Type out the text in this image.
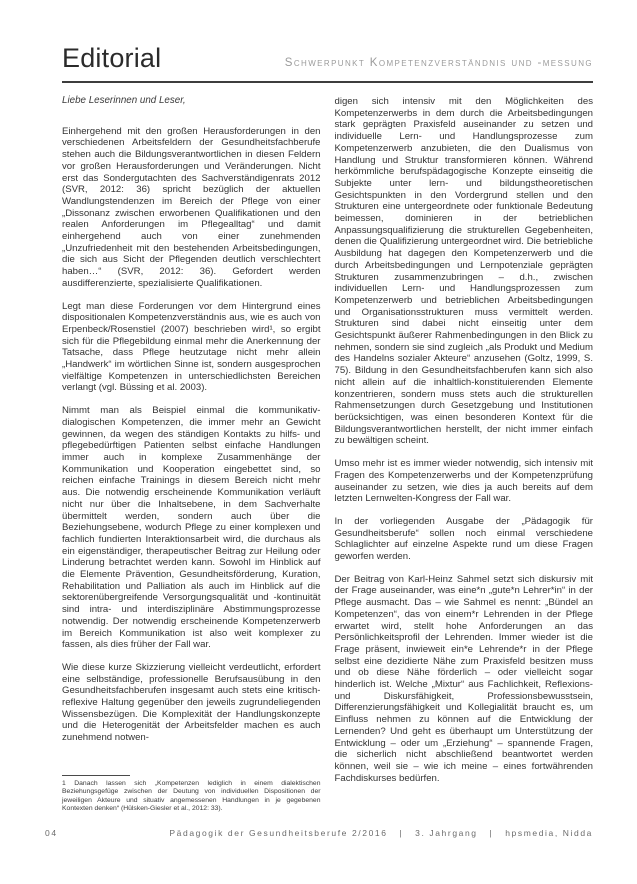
Editorial	Schwerpunkt Kompetenzverständnis und -messung

Liebe Leserinnen und Leser,

Einhergehend mit den großen Herausforderungen in den verschiedenen Arbeitsfeldern der Gesundheitsfachberufe stehen auch die Bildungsverantwortlichen in diesen Feldern vor großen Herausforderungen und Veränderungen. Nicht erst das Sondergutachten des Sachverständigenrats 2012 (SVR, 2012: 36) spricht bezüglich der aktuellen Wandlungstendenzen im Bereich der Pflege von einer „Dissonanz zwischen erworbenen Qualifikationen und den realen Anforderungen im Pflegealltag“ und damit einhergehend auch von einer zunehmenden „Unzufriedenheit mit den bestehenden Arbeitsbedingungen, die sich aus Sicht der Pflegenden deutlich verschlechtert haben…“ (SVR, 2012: 36). Gefordert werden ausdifferenzierte, spezialisierte Qualifikationen.

Legt man diese Forderungen vor dem Hintergrund eines dispositionalen Kompetenzverständnis aus, wie es auch von Erpenbeck/Rosenstiel (2007) beschrieben wird¹, so ergibt sich für die Pflegebildung einmal mehr die Anerkennung der Tatsache, dass Pflege heutzutage nicht mehr allein „Handwerk“ im wörtlichen Sinne ist, sondern ausgesprochen vielfältige Kompetenzen in unterschiedlichsten Bereichen verlangt (vgl. Büssing et al. 2003).

Nimmt man als Beispiel einmal die kommunikativ-dialogischen Kompetenzen, die immer mehr an Gewicht gewinnen, da wegen des ständigen Kontakts zu hilfs- und pflegebedürftigen Patienten selbst einfache Handlungen immer auch in komplexe Zusammenhänge der Kommunikation und Kooperation eingebettet sind, so reichen einfache Trainings in diesem Bereich nicht mehr aus. Die notwendig erscheinende Kommunikation verläuft nicht nur über die Inhaltsebene, in dem Sachverhalte übermittelt werden, sondern auch über die Beziehungsebene, wodurch Pflege zu einer komplexen und fachlich fundierten Interaktionsarbeit wird, die durchaus als ein eigenständiger, therapeutischer Beitrag zur Heilung oder Linderung betrachtet werden kann. Sowohl im Hinblick auf die Elemente Prävention, Gesundheitsförderung, Kuration, Rehabilitation und Palliation als auch im Hinblick auf die sektorenübergreifende Versorgungsqualität und -kontinuität sind intra- und interdisziplinäre Abstimmungsprozesse notwendig. Der notwendig erscheinende Kompetenzerwerb im Bereich Kommunikation ist also weit komplexer zu fassen, als dies früher der Fall war.

Wie diese kurze Skizzierung vielleicht verdeutlicht, erfordert eine selbständige, professionelle Berufsausübung in den Gesundheitsfachberufen insgesamt auch stets eine kritisch-reflexive Haltung gegenüber den jeweils zugrundeliegenden Wissensbezügen. Die Komplexität der Handlungskonzepte und die Heterogenität der Arbeitsfelder machen es auch zunehmend notwen-

1 Danach lassen sich „Kompetenzen lediglich in einem dialektischen Beziehungsgefüge zwischen der Deutung von individuellen Dispositionen der jeweiligen Akteure und situativ angemessenen Handlungen in je gegebenen Kontexten denken“ (Hülsken-Giesler et al., 2012: 33).

digen sich intensiv mit den Möglichkeiten des Kompetenzerwerbs in dem durch die Arbeitsbedingungen stark geprägten Praxisfeld auseinander zu setzen und individuelle Lern- und Handlungsprozesse zum Kompetenzerwerb anzubieten, die den Dualismus von Handlung und Struktur transformieren können. Während herkömmliche berufspädagogische Konzepte einseitig die Subjekte unter lern- und bildungstheoretischen Gesichtspunkten in den Vordergrund stellen und den Strukturen eine untergeordnete oder funktionale Bedeutung beimessen, dominieren in der betrieblichen Anpassungsqualifizierung die strukturellen Gegebenheiten, denen die Qualifizierung untergeordnet wird. Die betriebliche Ausbildung hat dagegen den Kompetenzerwerb und die durch Arbeitsbedingungen und Lernpotenziale geprägten Strukturen zusammenzubringen – d.h., zwischen individuellen Lern- und Handlungsprozessen zum Kompetenzerwerb und betrieblichen Arbeitsbedingungen und Organisationsstrukturen muss vermittelt werden. Strukturen sind dabei nicht einseitig unter dem Gesichtspunkt äußerer Rahmenbedingungen in den Blick zu nehmen, sondern sie sind zugleich „als Produkt und Medium des Handelns sozialer Akteure“ anzusehen (Goltz, 1999, S. 75). Bildung in den Gesundheitsfachberufen kann sich also nicht allein auf die inhaltlich-konstituierenden Elemente konzentrieren, sondern muss stets auch die strukturellen Rahmensetzungen durch Gesetzgebung und Institutionen berücksichtigen, was einen besonderen Kontext für die Bildungsverantwortlichen herstellt, der nicht immer einfach zu bewältigen scheint.

Umso mehr ist es immer wieder notwendig, sich intensiv mit Fragen des Kompetenzerwerbs und der Kompetenzprüfung auseinander zu setzen, wie dies ja auch bereits auf dem letzten Lernwelten-Kongress der Fall war.

In der vorliegenden Ausgabe der „Pädagogik für Gesundheitsberufe“ sollen noch einmal verschiedene Schlaglichter auf einzelne Aspekte rund um diese Fragen geworfen werden.

Der Beitrag von Karl-Heinz Sahmel setzt sich diskursiv mit der Frage auseinander, was eine*n „gute*n Lehrer*in“ in der Pflege ausmacht. Das – wie Sahmel es nennt: „Bündel an Kompetenzen“, das von einem*r Lehrenden in der Pflege erwartet wird, stellt hohe Anforderungen an das Persönlichkeitsprofil der Lehrenden. Immer wieder ist die Frage präsent, inwieweit ein*e Lehrende*r in der Pflege selbst eine dezidierte Nähe zum Praxisfeld besitzen muss und ob diese Nähe förderlich – oder vielleicht sogar hinderlich ist. Welche „Mixtur“ aus Fachlichkeit, Reflexions- und Diskursfähigkeit, Professionsbewusstsein, Differenzierungsfähigkeit und Kollegialität braucht es, um Einfluss nehmen zu können auf die Entwicklung der Lernenden? Und geht es überhaupt um Unterstützung der Entwicklung – oder um „Erziehung“ – spannende Fragen, die sicherlich nicht abschließend beantwortet werden können, weil sie – wie ich meine – eines fortwährenden Fachdiskurses bedürfen.

04	Pädagogik der Gesundheitsberufe 2/2016   |   3. Jahrgang   |   hpsmedia, Nidda
